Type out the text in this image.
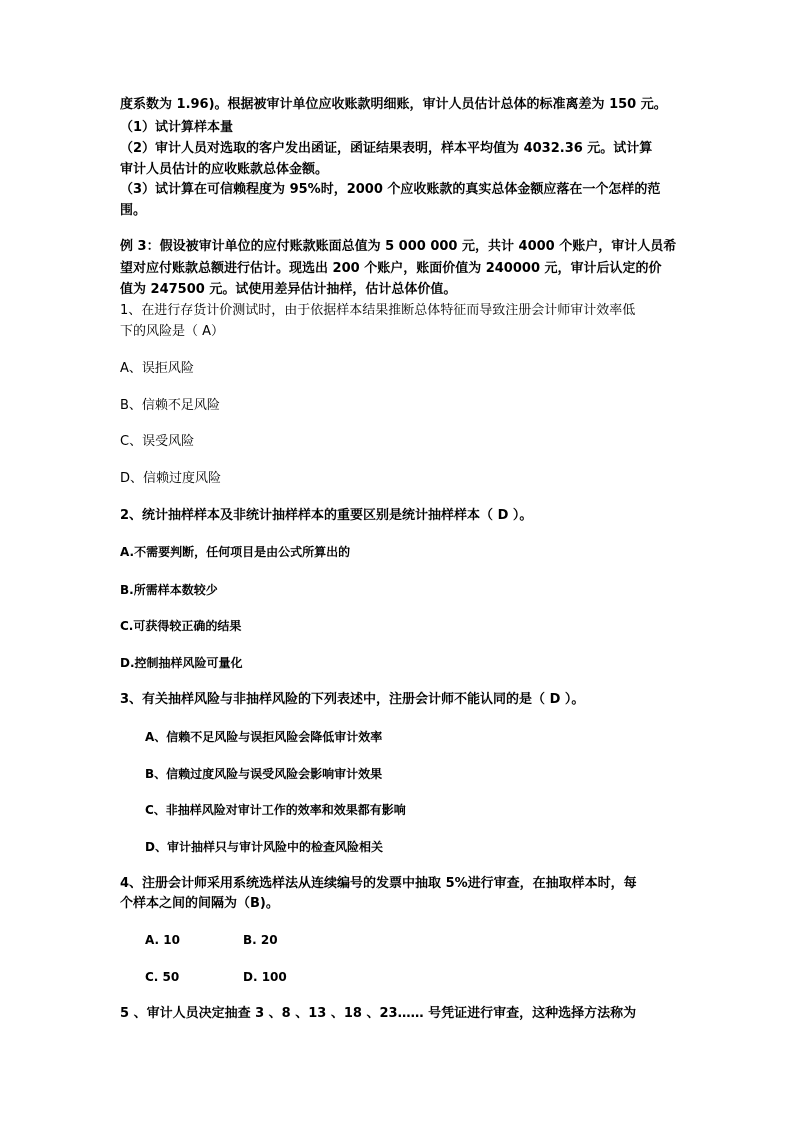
度系数为 1.96)。根据被审计单位应收账款明细账，审计人员估计总体的标准离差为 150 元。
（1）试计算样本量
（2）审计人员对选取的客户发出函证，函证结果表明，样本平均值为 4032.36 元。试计算
审计人员估计的应收账款总体金额。
（3）试计算在可信赖程度为 95%时，2000 个应收账款的真实总体金额应落在一个怎样的范
围。
例 3：假设被审计单位的应付账款账面总值为 5 000 000 元，共计 4000 个账户，审计人员希
望对应付账款总额进行估计。现选出 200 个账户，账面价值为 240000 元，审计后认定的价
值为 247500 元。试使用差异估计抽样，估计总体价值。
1、在进行存货计价测试时，由于依据样本结果推断总体特征而导致注册会计师审计效率低
下的风险是（ A）
A、误拒风险
B、信赖不足风险
C、误受风险
D、信赖过度风险
2、统计抽样样本及非统计抽样样本的重要区别是统计抽样样本（ D ）。
A.不需要判断，任何项目是由公式所算出的
B.所需样本数较少
C.可获得较正确的结果
D.控制抽样风险可量化
3、有关抽样风险与非抽样风险的下列表述中，注册会计师不能认同的是（ D ）。
A、信赖不足风险与误拒风险会降低审计效率
B、信赖过度风险与误受风险会影响审计效果
C、非抽样风险对审计工作的效率和效果都有影响
D、审计抽样只与审计风险中的检查风险相关
4、注册会计师采用系统选样法从连续编号的发票中抽取 5%进行审查，在抽取样本时，每
个样本之间的间隔为（B)。
A. 10	B. 20
C. 50	D. 100
5 、审计人员决定抽查 3 、8 、13 、18 、23…… 号凭证进行审查，这种选择方法称为
